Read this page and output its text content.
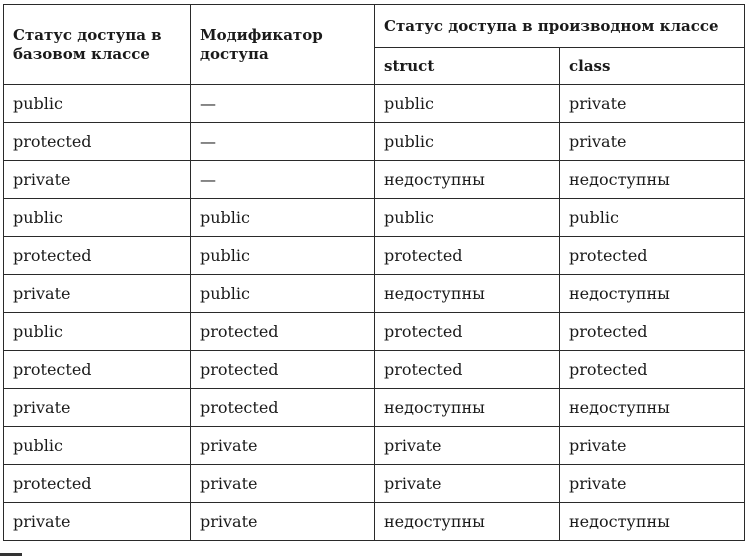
Статус доступа в базовом классе	Модификатор доступа	Статус доступа в производном классе	
		struct	class
public	—	public	private
protected	—	public	private
private	—	недоступны	недоступны
public	public	public	public
protected	public	protected	protected
private	public	недоступны	недоступны
public	protected	protected	protected
protected	protected	protected	protected
private	protected	недоступны	недоступны
public	private	private	private
protected	private	private	private
private	private	недоступны	недоступны
